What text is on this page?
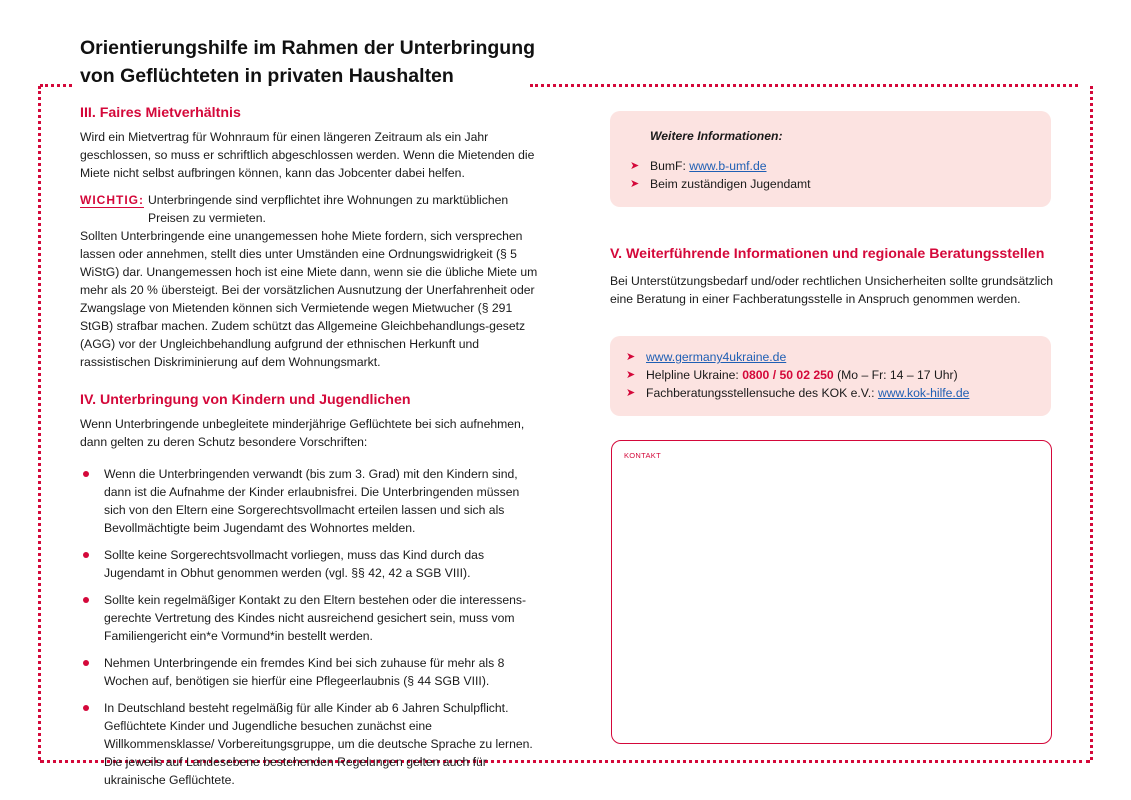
Orientierungshilfe im Rahmen der Unterbringung
von Geflüchteten in privaten Haushalten
III. Faires Mietverhältnis

Wird ein Mietvertrag für Wohnraum für einen längeren Zeitraum als ein Jahr geschlossen, so muss er schriftlich abgeschlossen werden. Wenn die Mietenden die Miete nicht selbst aufbringen können, kann das Jobcenter dabei helfen.

WICHTIG: Unterbringende sind verpflichtet ihre Wohnungen zu marktüblichen Preisen zu vermieten.

Sollten Unterbringende eine unangemessen hohe Miete fordern, sich versprechen lassen oder annehmen, stellt dies unter Umständen eine Ordnungswidrigkeit (§ 5 WiStG) dar. Unangemessen hoch ist eine Miete dann, wenn sie die übliche Miete um mehr als 20 % übersteigt. Bei der vorsätzlichen Ausnutzung der Unerfahrenheit oder Zwangslage von Mietenden können sich Vermietende wegen Mietwucher (§ 291 StGB) strafbar machen. Zudem schützt das Allgemeine Gleichbehandlungs-gesetz (AGG) vor der Ungleichbehandlung aufgrund der ethnischen Herkunft und rassistischen Diskriminierung auf dem Wohnungsmarkt.

IV. Unterbringung von Kindern und Jugendlichen

Wenn Unterbringende unbegleitete minderjährige Geflüchtete bei sich aufnehmen, dann gelten zu deren Schutz besondere Vorschriften:

Wenn die Unterbringenden verwandt (bis zum 3. Grad) mit den Kindern sind, dann ist die Aufnahme der Kinder erlaubnisfrei. Die Unterbringenden müssen sich von den Eltern eine Sorgerechtsvollmacht erteilen lassen und sich als Bevollmächtigte beim Jugendamt des Wohnortes melden.
Sollte keine Sorgerechtsvollmacht vorliegen, muss das Kind durch das Jugendamt in Obhut genommen werden (vgl. §§ 42, 42 a SGB VIII).
Sollte kein regelmäßiger Kontakt zu den Eltern bestehen oder die interessens-gerechte Vertretung des Kindes nicht ausreichend gesichert sein, muss vom Familiengericht ein*e Vormund*in bestellt werden.
Nehmen Unterbringende ein fremdes Kind bei sich zuhause für mehr als 8 Wochen auf, benötigen sie hierfür eine Pflegeerlaubnis (§ 44 SGB VIII).
In Deutschland besteht regelmäßig für alle Kinder ab 6 Jahren Schulpflicht. Geflüchtete Kinder und Jugendliche besuchen zunächst eine Willkommensklasse/ Vorbereitungsgruppe, um die deutsche Sprache zu lernen. Die jeweils auf Landesebene bestehenden Regelungen gelten auch für ukrainische Geflüchtete.
Weitere Informationen:
➤ BumF: www.b-umf.de
➤ Beim zuständigen Jugendamt
V. Weiterführende Informationen und regionale Beratungsstellen

Bei Unterstützungsbedarf und/oder rechtlichen Unsicherheiten sollte grundsätzlich eine Beratung in einer Fachberatungsstelle in Anspruch genommen werden.

➤ www.germany4ukraine.de
➤ Helpline Ukraine: 0800 / 50 02 250 (Mo – Fr: 14 – 17 Uhr)
➤ Fachberatungsstellensuche des KOK e.V.: www.kok-hilfe.de
KONTAKT
